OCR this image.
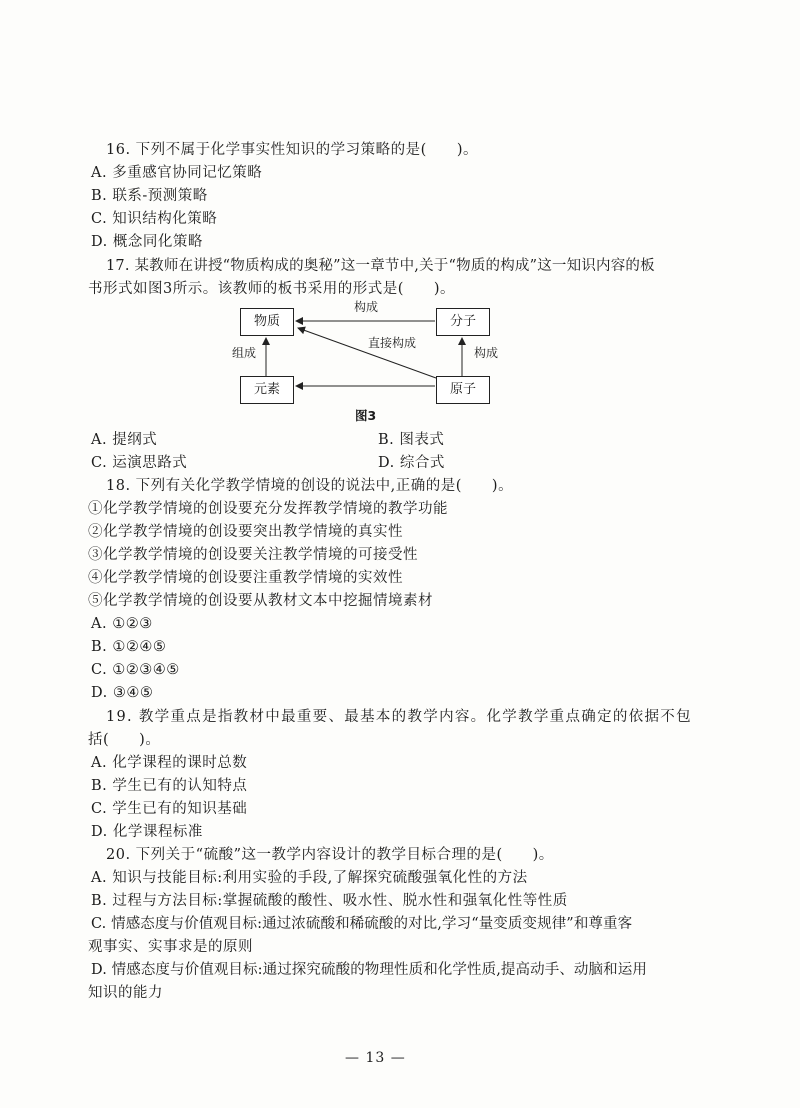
16. 下列不属于化学事实性知识的学习策略的是(　　)。
A. 多重感官协同记忆策略
B. 联系-预测策略
C. 知识结构化策略
D. 概念同化策略
17. 某教师在讲授“物质构成的奥秘”这一章节中,关于“物质的构成”这一知识内容的板
书形式如图3所示。该教师的板书采用的形式是(　　)。
物质	分子
元素	原子
构成
组成	构成
直接构成
图3
A. 提纲式	B. 图表式
C. 运演思路式	D. 综合式
18. 下列有关化学教学情境的创设的说法中,正确的是(　　)。
①化学教学情境的创设要充分发挥教学情境的教学功能
②化学教学情境的创设要突出教学情境的真实性
③化学教学情境的创设要关注教学情境的可接受性
④化学教学情境的创设要注重教学情境的实效性
⑤化学教学情境的创设要从教材文本中挖掘情境素材
A. ①②③
B. ①②④⑤
C. ①②③④⑤
D. ③④⑤
19. 教学重点是指教材中最重要、最基本的教学内容。化学教学重点确定的依据不包
括(　　)。
A. 化学课程的课时总数
B. 学生已有的认知特点
C. 学生已有的知识基础
D. 化学课程标准
20. 下列关于“硫酸”这一教学内容设计的教学目标合理的是(　　)。
A. 知识与技能目标:利用实验的手段,了解探究硫酸强氧化性的方法
B. 过程与方法目标:掌握硫酸的酸性、吸水性、脱水性和强氧化性等性质
C. 情感态度与价值观目标:通过浓硫酸和稀硫酸的对比,学习“量变质变规律”和尊重客
观事实、实事求是的原则
D. 情感态度与价值观目标:通过探究硫酸的物理性质和化学性质,提高动手、动脑和运用
知识的能力
— 13 —
